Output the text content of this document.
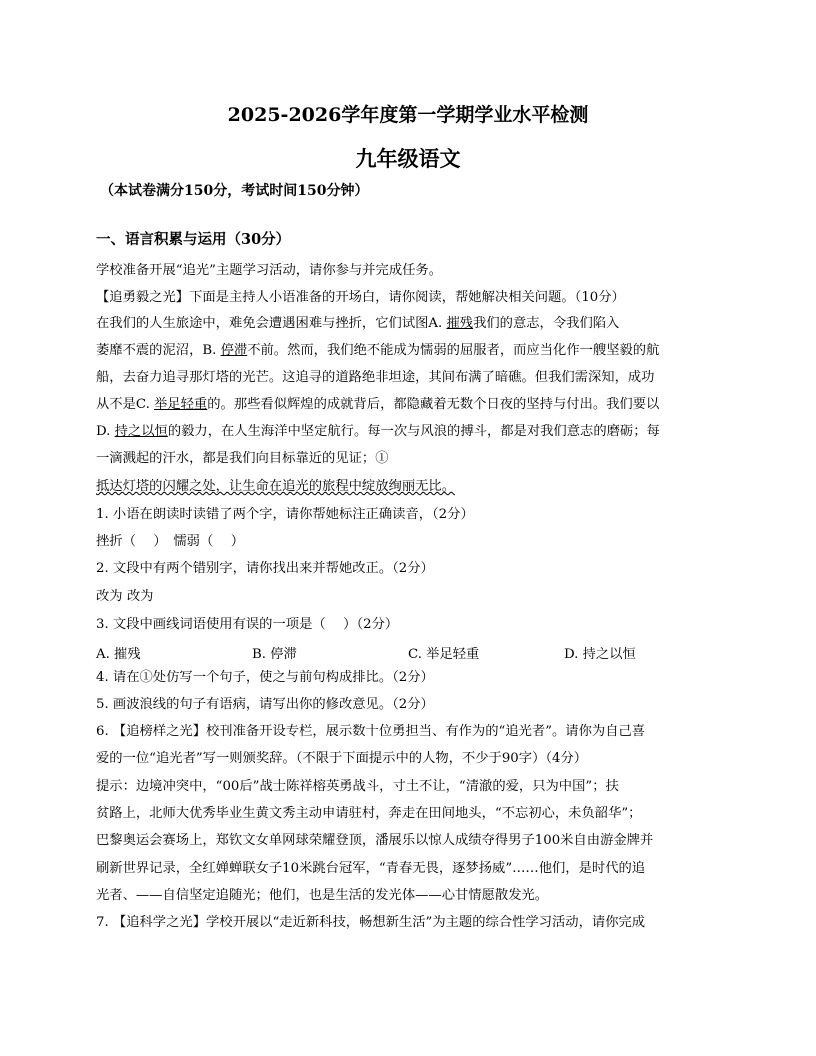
2025-2026学年度第一学期学业水平检测
九年级语文
（本试卷满分150分，考试时间150分钟）
一、语言积累与运用（30分）
学校准备开展“追光”主题学习活动，请你参与并完成任务。
【追勇毅之光】下面是主持人小语准备的开场白，请你阅读，帮她解决相关问题。（10分）
在我们的人生旅途中，难免会遭遇困难与挫折，它们试图A. 摧残我们的意志，令我们陷入
萎靡不震的泥沼，B. 停滞不前。然而，我们绝不能成为懦弱的屈服者，而应当化作一艘坚毅的航
船，去奋力追寻那灯塔的光芒。这追寻的道路绝非坦途，其间布满了暗礁。但我们需深知，成功
从不是C. 举足轻重的。那些看似辉煌的成就背后，都隐藏着无数个日夜的坚持与付出。我们要以
D. 持之以恒的毅力，在人生海洋中坚定航行。每一次与风浪的搏斗，都是对我们意志的磨砺；每
一滴溅起的汗水，都是我们向目标靠近的见证；①
抵达灯塔的闪耀之处，让生命在追光的旅程中绽放绚丽无比。
1. 小语在朗读时读错了两个字，请你帮她标注正确读音，（2分）
挫折（　 ）　懦弱（　 ）
2. 文段中有两个错别字，请你找出来并帮她改正。（2分）
改为 改为
3. 文段中画线词语使用有误的一项是（　 ）（2分）
A. 摧残	B. 停滞	C. 举足轻重	D. 持之以恒
4. 请在①处仿写一个句子，使之与前句构成排比。（2分）
5. 画波浪线的句子有语病，请写出你的修改意见。（2分）
6. 【追榜样之光】校刊准备开设专栏，展示数十位勇担当、有作为的“追光者”。请你为自己喜
爱的一位“追光者”写一则颁奖辞。（不限于下面提示中的人物，不少于90字）（4分）
提示：边境冲突中，“00后”战士陈祥榕英勇战斗，寸土不让，“清澈的爱，只为中国”；扶
贫路上，北师大优秀毕业生黄文秀主动申请驻村，奔走在田间地头，“不忘初心，未负韶华”；
巴黎奥运会赛场上，郑钦文女单网球荣耀登顶，潘展乐以惊人成绩夺得男子100米自由游金牌并
刷新世界记录，全红婵蝉联女子10米跳台冠军，“青春无畏，逐梦扬威”……他们，是时代的追
光者、——自信坚定追随光；他们，也是生活的发光体——心甘情愿散发光。
7. 【追科学之光】学校开展以“走近新科技，畅想新生活”为主题的综合性学习活动，请你完成
